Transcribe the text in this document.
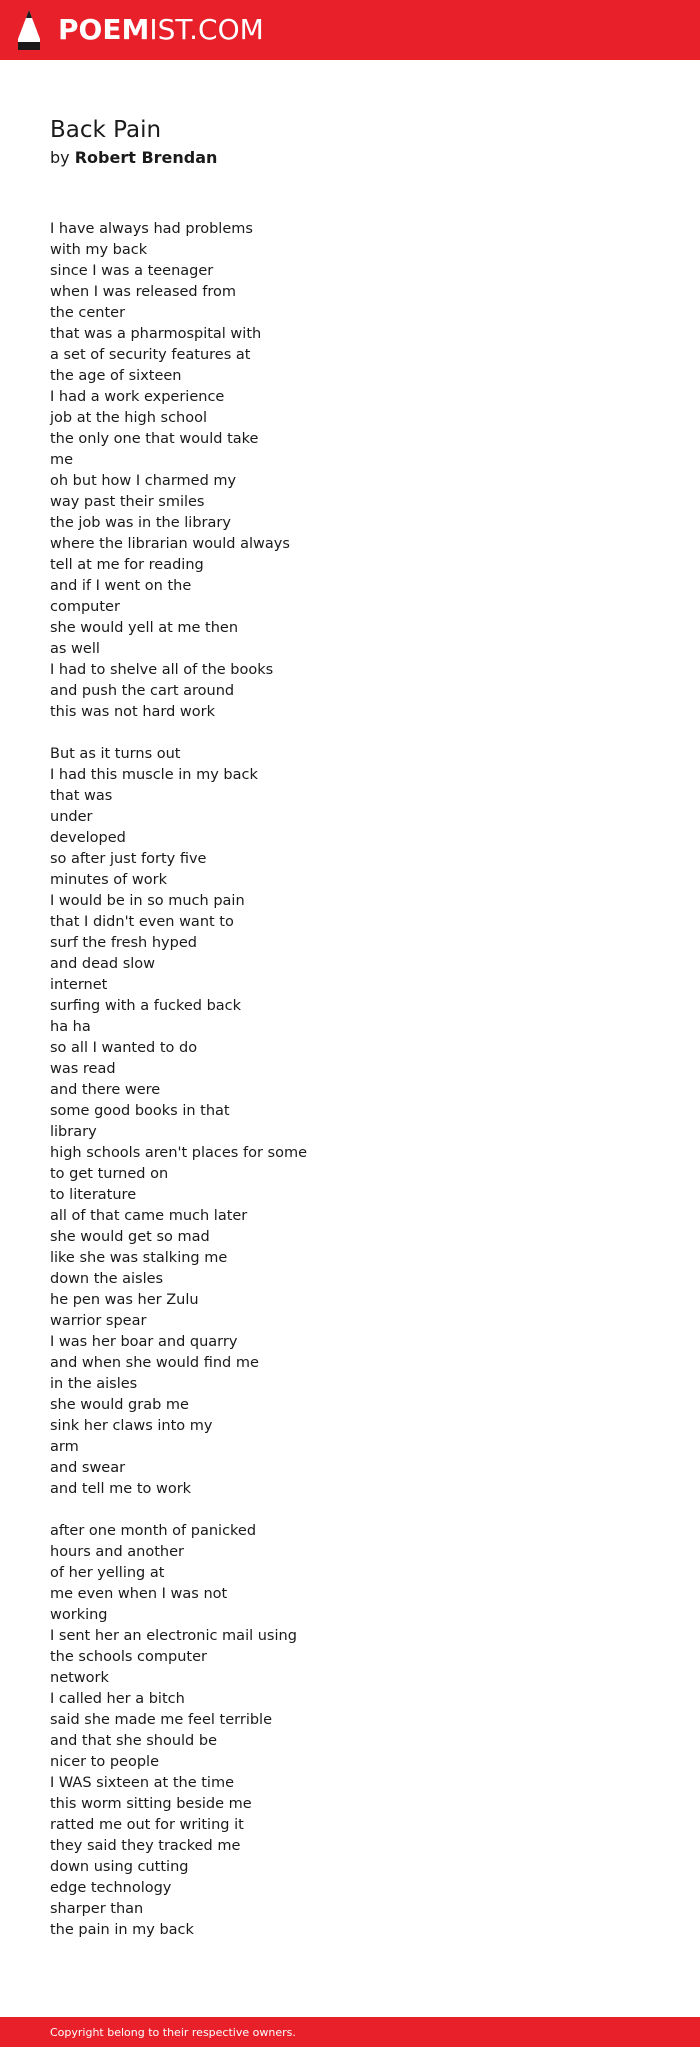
POEMIST.COM
Back Pain
by Robert Brendan
I have always had problems
with my back
since I was a teenager
when I was released from
the center
that was a pharmospital with
a set of security features at
the age of sixteen
I had a work experience
job at the high school
the only one that would take
me
oh but how I charmed my
way past their smiles
the job was in the library
where the librarian would always
tell at me for reading
and if I went on the
computer
she would yell at me then
as well
I had to shelve all of the books
and push the cart around
this was not hard work
But as it turns out
I had this muscle in my back
that was
under
developed
so after just forty five
minutes of work
I would be in so much pain
that I didn't even want to
surf the fresh hyped
and dead slow
internet
surfing with a fucked back
ha ha
so all I wanted to do
was read
and there were
some good books in that
library
high schools aren't places for some
to get turned on
to literature
all of that came much later
she would get so mad
like she was stalking me
down the aisles
he pen was her Zulu
warrior spear
I was her boar and quarry
and when she would find me
in the aisles
she would grab me
sink her claws into my
arm
and swear
and tell me to work
after one month of panicked
hours and another
of her yelling at
me even when I was not
working
I sent her an electronic mail using
the schools computer
network
I called her a bitch
said she made me feel terrible
and that she should be
nicer to people
I WAS sixteen at the time
this worm sitting beside me
ratted me out for writing it
they said they tracked me
down using cutting
edge technology
sharper than
the pain in my back
Copyright belong to their respective owners.
